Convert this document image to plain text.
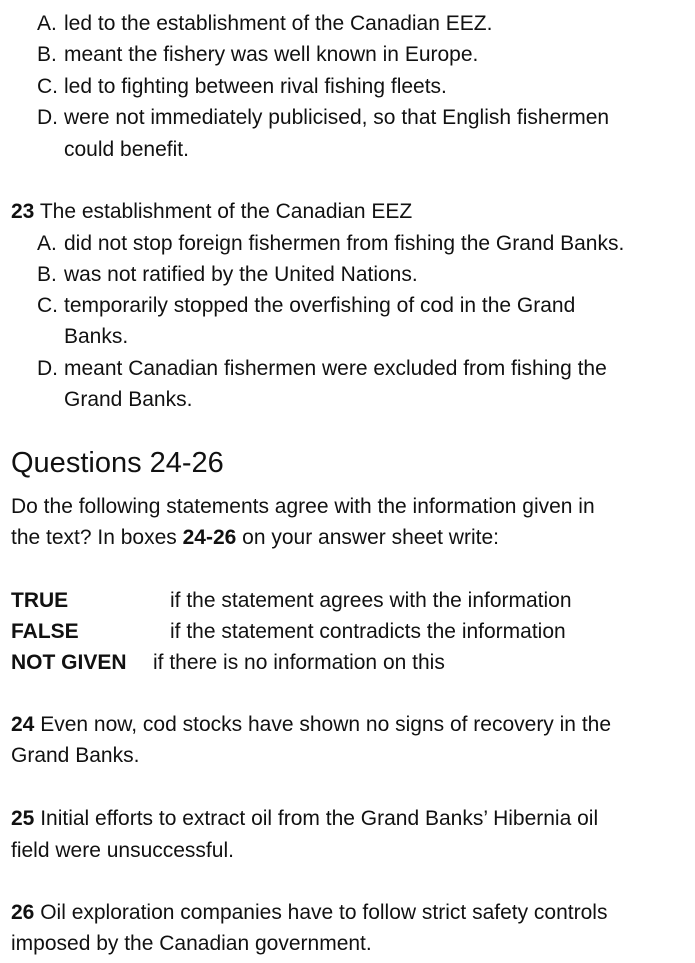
A. led to the establishment of the Canadian EEZ.
B. meant the fishery was well known in Europe.
C. led to fighting between rival fishing fleets.
D. were not immediately publicised, so that English fishermen
could benefit.
23 The establishment of the Canadian EEZ
A. did not stop foreign fishermen from fishing the Grand Banks.
B. was not ratified by the United Nations.
C. temporarily stopped the overfishing of cod in the Grand
Banks.
D. meant Canadian fishermen were excluded from fishing the
Grand Banks.
Questions 24-26
Do the following statements agree with the information given in
the text? In boxes 24-26 on your answer sheet write:
TRUE	if the statement agrees with the information
FALSE	if the statement contradicts the information
NOT GIVEN if there is no information on this
24 Even now, cod stocks have shown no signs of recovery in the
Grand Banks.
25 Initial efforts to extract oil from the Grand Banks’ Hibernia oil
field were unsuccessful.
26 Oil exploration companies have to follow strict safety controls
imposed by the Canadian government.
